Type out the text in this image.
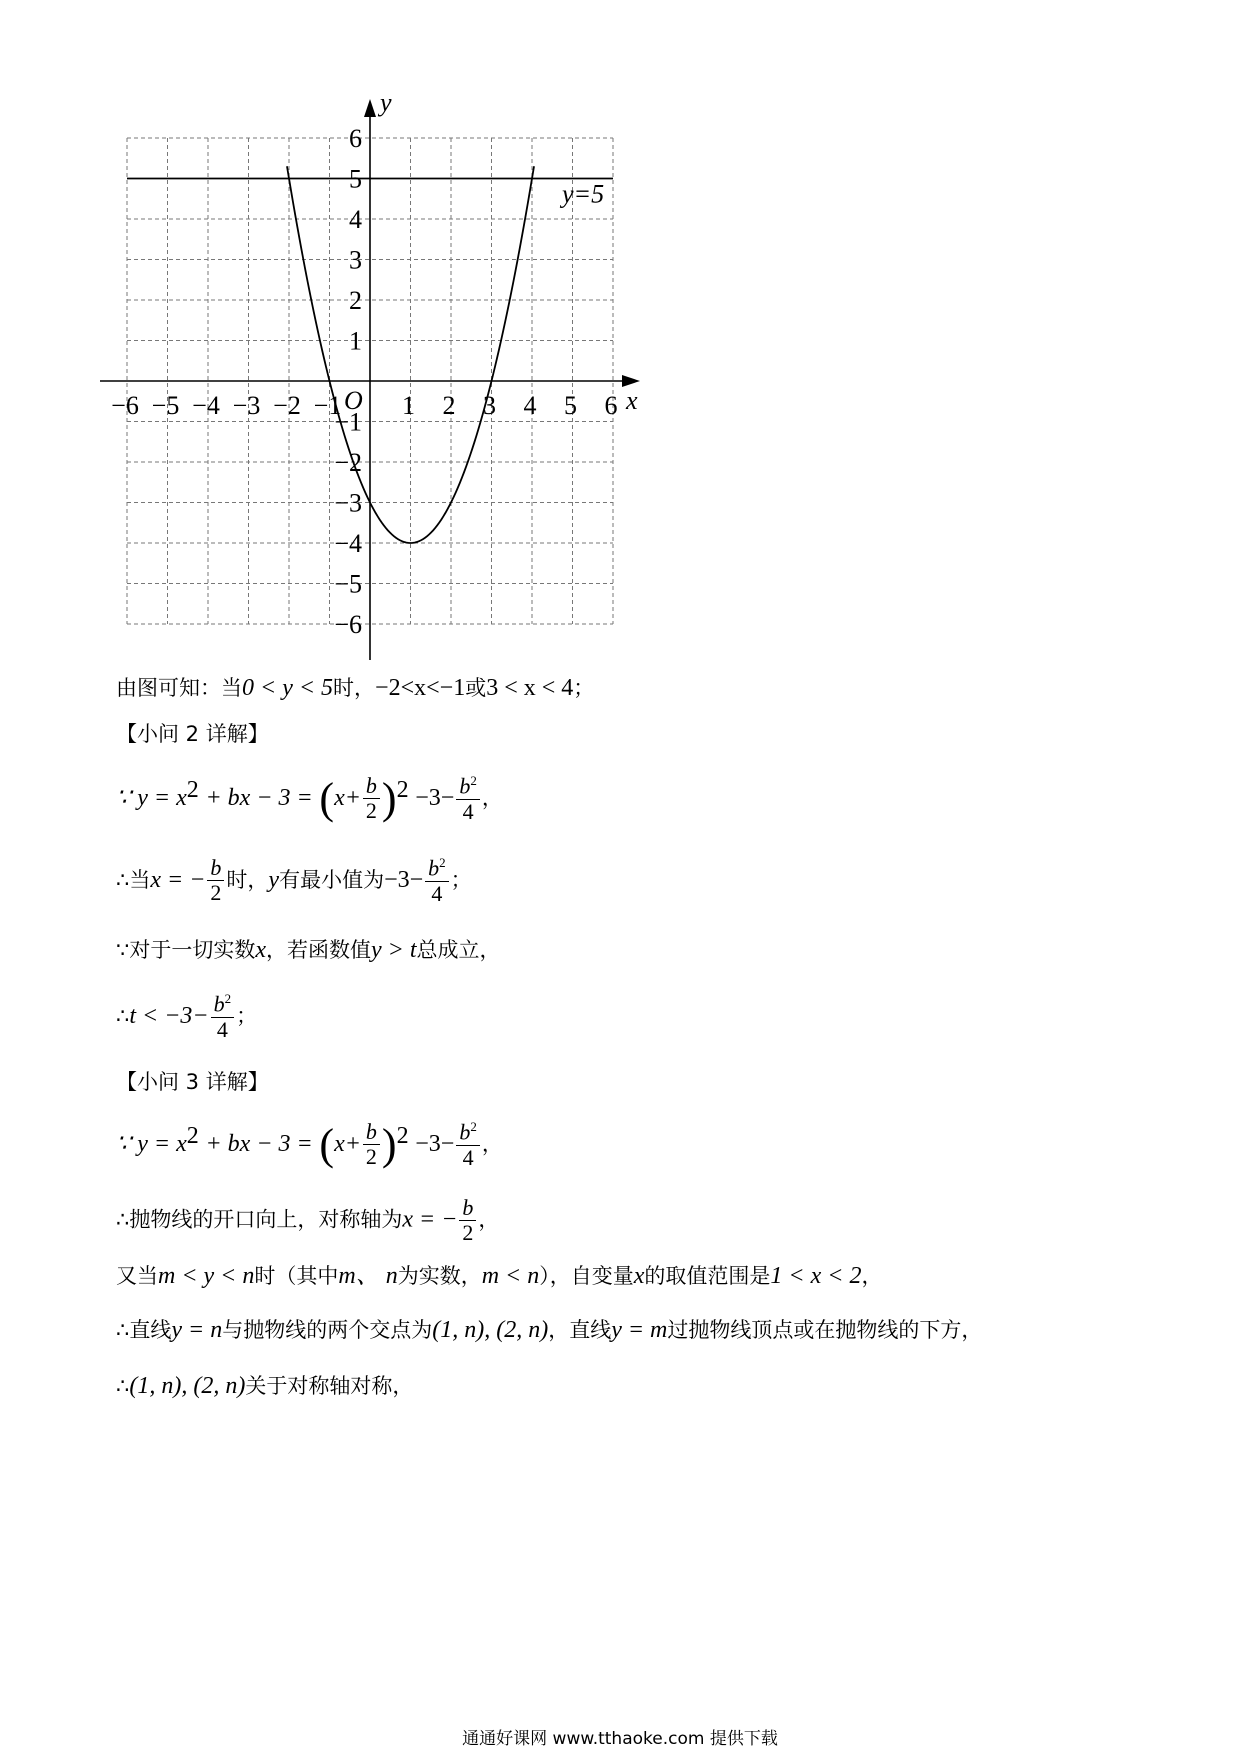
−6 −5 −4 −3 −2 −1 1 2 3 4 5 6
6
5
4
3
2
1
−1
−2
−3
−4
−5
−6
O	x
y
y=5
由图可知：当0 < y < 5时，−2<x<−1或3 < x < 4；
【小问 2 详解】
∵ $y = x^2$ + bx − $3 = (x+ \frac{b}{2} )^2 -3- \frac{b^2}{4}$ ，
∴当x = − $\frac{b}{2}$ 时，y有最小值为$-3- \frac{b^2}{4}$ ；
∵对于一切实数x，若函数值y > t总成立，
∴t < $-3- \frac{b^2}{4}$ ；
【小问 3 详解】
∵ $y = x^2$ + bx − $3 = (x+ \frac{b}{2} )^2 -3- \frac{b^2}{4}$ ，
∴抛物线的开口向上，对称轴为x = − $\frac{b}{2}$ ，
又当m < y < n时（其中m、 n为实数，m < n），自变量x的取值范围是1 < x < 2，
∴直线y = n与抛物线的两个交点为(1, n), (2, n)，直线y = m过抛物线顶点或在抛物线的下方，
∴(1, n), (2, n)关于对称轴对称，
通通好课网 www.tthaoke.com 提供下载
